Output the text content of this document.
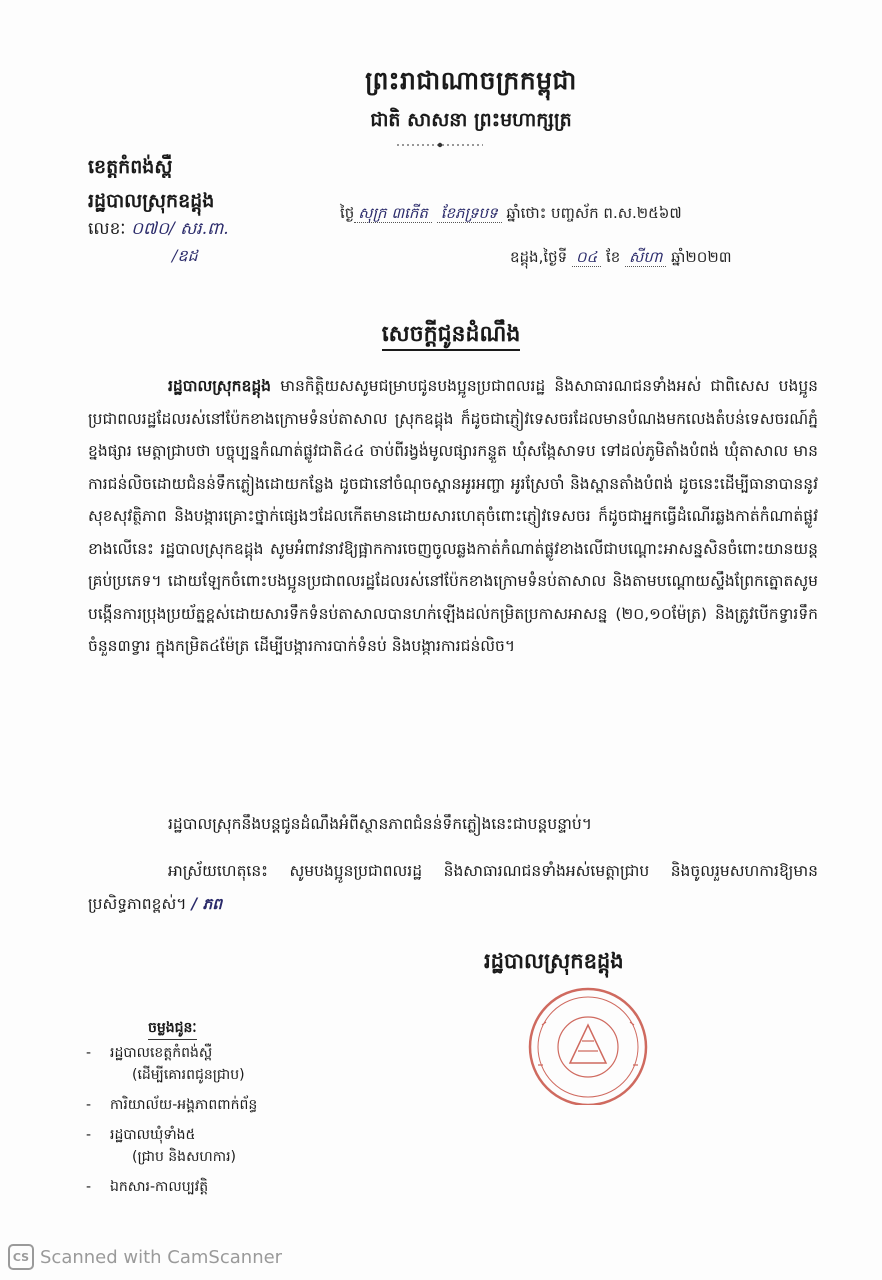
ព្រះរាជាណាចក្រកម្ពុជា
ជាតិ សាសនា ព្រះមហាក្សត្រ
ខេត្តកំពង់ស្ពឺ
រដ្ឋបាលស្រុកឧដ្ដុង
លេខៈ ០៧០/ សរ.ពា.
/ឧដ
ថ្ងៃ សុក្រ ៣កើត ខែភទ្របទ ឆ្នាំថោះ បញ្ចស័ក ព.ស.២៥៦៧
ឧដ្ដុង,ថ្ងៃទី ០៤ ខែ សីហា ឆ្នាំ២០២៣
សេចក្ដីជូនដំណឹង
រដ្ឋបាលស្រុកឧដ្ដុង មានកិត្តិយសសូមជម្រាបជូនបងប្អូនប្រជាពលរដ្ឋ និងសាធារណជនទាំងអស់ ជាពិសេស បងប្អូនប្រជាពលរដ្ឋដែលរស់នៅប៉ែកខាងក្រោមទំនប់តាសាល ស្រុកឧដ្ដុង ក៏ដូចជាភ្ញៀវទេសចរដែលមានបំណងមកលេងតំបន់ទេសចរណ៍ភ្នំខ្នងផ្សារ មេត្តាជ្រាបថា បច្ចុប្បន្នកំណាត់ផ្លូវជាតិ៤៤ ចាប់ពីរង្វង់មូលផ្សារកន្ទួត ឃុំសង្កែសាទប ទៅដល់ភូមិតាំងបំពង់ ឃុំតាសាល មានការជន់លិចដោយជំនន់ទឹកភ្លៀងដោយកន្លែង ដូចជានៅចំណុចស្ពានអូរអញ្ចា អូរស្រែចាំ និងស្ពានតាំងបំពង់ ដូចនេះដើម្បីធានាបាននូវសុខសុវត្ថិភាព និងបង្ការគ្រោះថ្នាក់ផ្សេងៗដែលកើតមានដោយសារហេតុចំពោះភ្ញៀវទេសចរ ក៏ដូចជាអ្នកធ្វើដំណើរឆ្លងកាត់កំណាត់ផ្លូវខាងលើនេះ រដ្ឋបាលស្រុកឧដ្ដុង សូមអំពាវនាវឱ្យផ្អាកការចេញចូលឆ្លងកាត់កំណាត់ផ្លូវខាងលើជាបណ្ដោះអាសន្នសិនចំពោះយានយន្តគ្រប់ប្រភេទ។ ដោយឡែកចំពោះបងប្អូនប្រជាពលរដ្ឋដែលរស់នៅប៉ែកខាងក្រោមទំនប់តាសាល និងតាមបណ្ដោយស្ទឹងព្រែកត្នោតសូមបង្កើនការប្រុងប្រយ័ត្នខ្ពស់ដោយសារទឹកទំនប់តាសាលបានហក់ឡើងដល់កម្រិតប្រកាសអាសន្ន (២០,១០ម៉ែត្រ) និងត្រូវបើកទ្វារទឹកចំនួន៣ទ្វារ ក្នុងកម្រិត៤ម៉ែត្រ ដើម្បីបង្ការការបាក់ទំនប់ និងបង្ការការជន់លិច។
រដ្ឋបាលស្រុកនឹងបន្តជូនដំណឹងអំពីស្ថានភាពជំនន់ទឹកភ្លៀងនេះជាបន្តបន្ទាប់។
អាស្រ័យហេតុនេះ សូមបងប្អូនប្រជាពលរដ្ឋ និងសាធារណជនទាំងអស់មេត្តាជ្រាប និងចូលរួមសហការឱ្យមានប្រសិទ្ធភាពខ្ពស់។ / ភព
រដ្ឋបាលស្រុកឧដ្ដុង
ចម្លងជូនៈ
- រដ្ឋបាលខេត្តកំពង់ស្ពឺ
(ដើម្បីគោរពជូនជ្រាប)
- ការិយាល័យ-អង្គភាពពាក់ព័ន្ធ
- រដ្ឋបាលឃុំទាំង៥
(ជ្រាប និងសហការ)
- ឯកសារ-កាលប្បវត្តិ
CS Scanned with CamScanner
